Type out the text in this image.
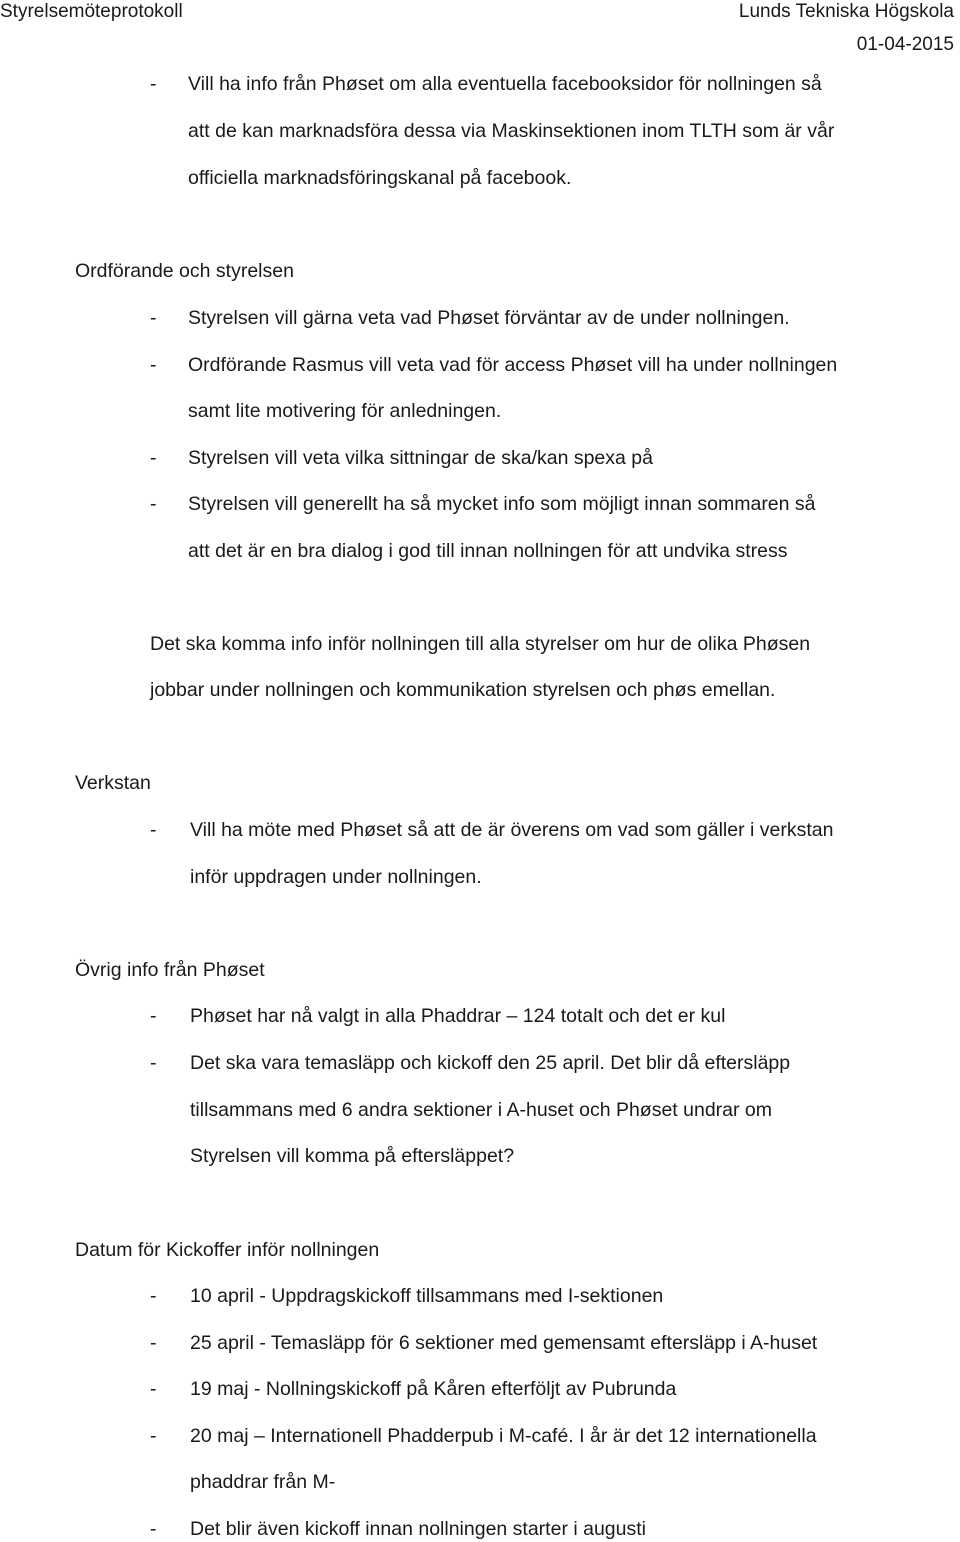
Styrelsemöteprotokoll	Lunds Tekniska Högskola
01-04-2015
- Vill ha info från Phøset om alla eventuella facebooksidor för nollningen så
att de kan marknadsföra dessa via Maskinsektionen inom TLTH som är vår
officiella marknadsföringskanal på facebook.
Ordförande och styrelsen
- Styrelsen vill gärna veta vad Phøset förväntar av de under nollningen.
- Ordförande Rasmus vill veta vad för access Phøset vill ha under nollningen
samt lite motivering för anledningen.
- Styrelsen vill veta vilka sittningar de ska/kan spexa på
- Styrelsen vill generellt ha så mycket info som möjligt innan sommaren så
att det är en bra dialog i god till innan nollningen för att undvika stress
Det ska komma info inför nollningen till alla styrelser om hur de olika Phøsen
jobbar under nollningen och kommunikation styrelsen och phøs emellan.
Verkstan
- Vill ha möte med Phøset så att de är överens om vad som gäller i verkstan
inför uppdragen under nollningen.
Övrig info från Phøset
- Phøset har nå valgt in alla Phaddrar – 124 totalt och det er kul
- Det ska vara temasläpp och kickoff den 25 april. Det blir då eftersläpp
tillsammans med 6 andra sektioner i A-huset och Phøset undrar om
Styrelsen vill komma på eftersläppet?
Datum för Kickoffer inför nollningen
- 10 april - Uppdragskickoff tillsammans med I-sektionen
- 25 april - Temasläpp för 6 sektioner med gemensamt eftersläpp i A-huset
- 19 maj - Nollningskickoff på Kåren efterföljt av Pubrunda
- 20 maj – Internationell Phadderpub i M-café. I år är det 12 internationella
phaddrar från M-
- Det blir även kickoff innan nollningen starter i augusti
